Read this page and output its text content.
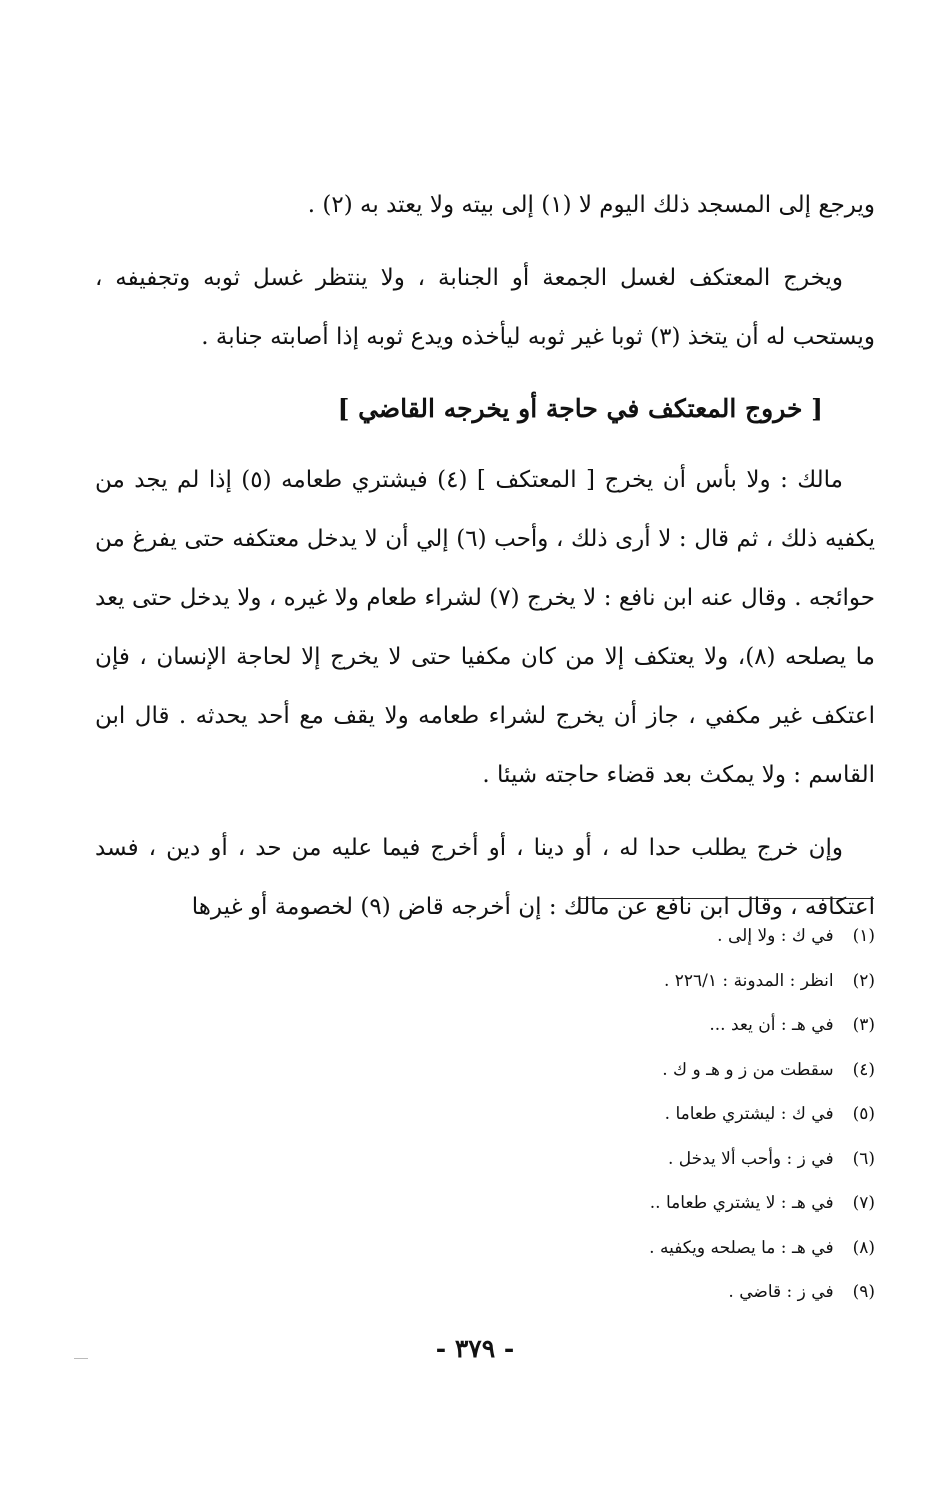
ويرجع إلى المسجد ذلك اليوم لا (١) إلى بيته ولا يعتد به (٢) .

ويخرج المعتكف لغسل الجمعة أو الجنابة ، ولا ينتظر غسل ثوبه وتجفيفه ، ويستحب له أن يتخذ (٣) ثوبا غير ثوبه ليأخذه ويدع ثوبه إذا أصابته جنابة .

[ خروج المعتكف في حاجة أو يخرجه القاضي ]

مالك : ولا بأس أن يخرج [ المعتكف ] (٤) فيشتري طعامه (٥) إذا لم يجد من يكفيه ذلك ، ثم قال : لا أرى ذلك ، وأحب (٦) إلي أن لا يدخل معتكفه حتى يفرغ من حوائجه . وقال عنه ابن نافع : لا يخرج (٧) لشراء طعام ولا غيره ، ولا يدخل حتى يعد ما يصلحه (٨)، ولا يعتكف إلا من كان مكفيا حتى لا يخرج إلا لحاجة الإنسان ، فإن اعتكف غير مكفي ، جاز أن يخرج لشراء طعامه ولا يقف مع أحد يحدثه . قال ابن القاسم : ولا يمكث بعد قضاء حاجته شيئا .

وإن خرج يطلب حدا له ، أو دينا ، أو أخرج فيما عليه من حد ، أو دين ، فسد اعتكافه ، وقال ابن نافع عن مالك : إن أخرجه قاض (٩) لخصومة أو غيرها

(١) في ك : ولا إلى .
(٢) انظر : المدونة : ٢٢٦/١ .
(٣) في هـ : أن يعد ...
(٤) سقطت من ز و هـ و ك .
(٥) في ك : ليشتري طعاما .
(٦) في ز : وأحب ألا يدخل .
(٧) في هـ : لا يشتري طعاما ..
(٨) في هـ : ما يصلحه ويكفيه .
(٩) في ز : قاضي .
- ٣٧٩ -
